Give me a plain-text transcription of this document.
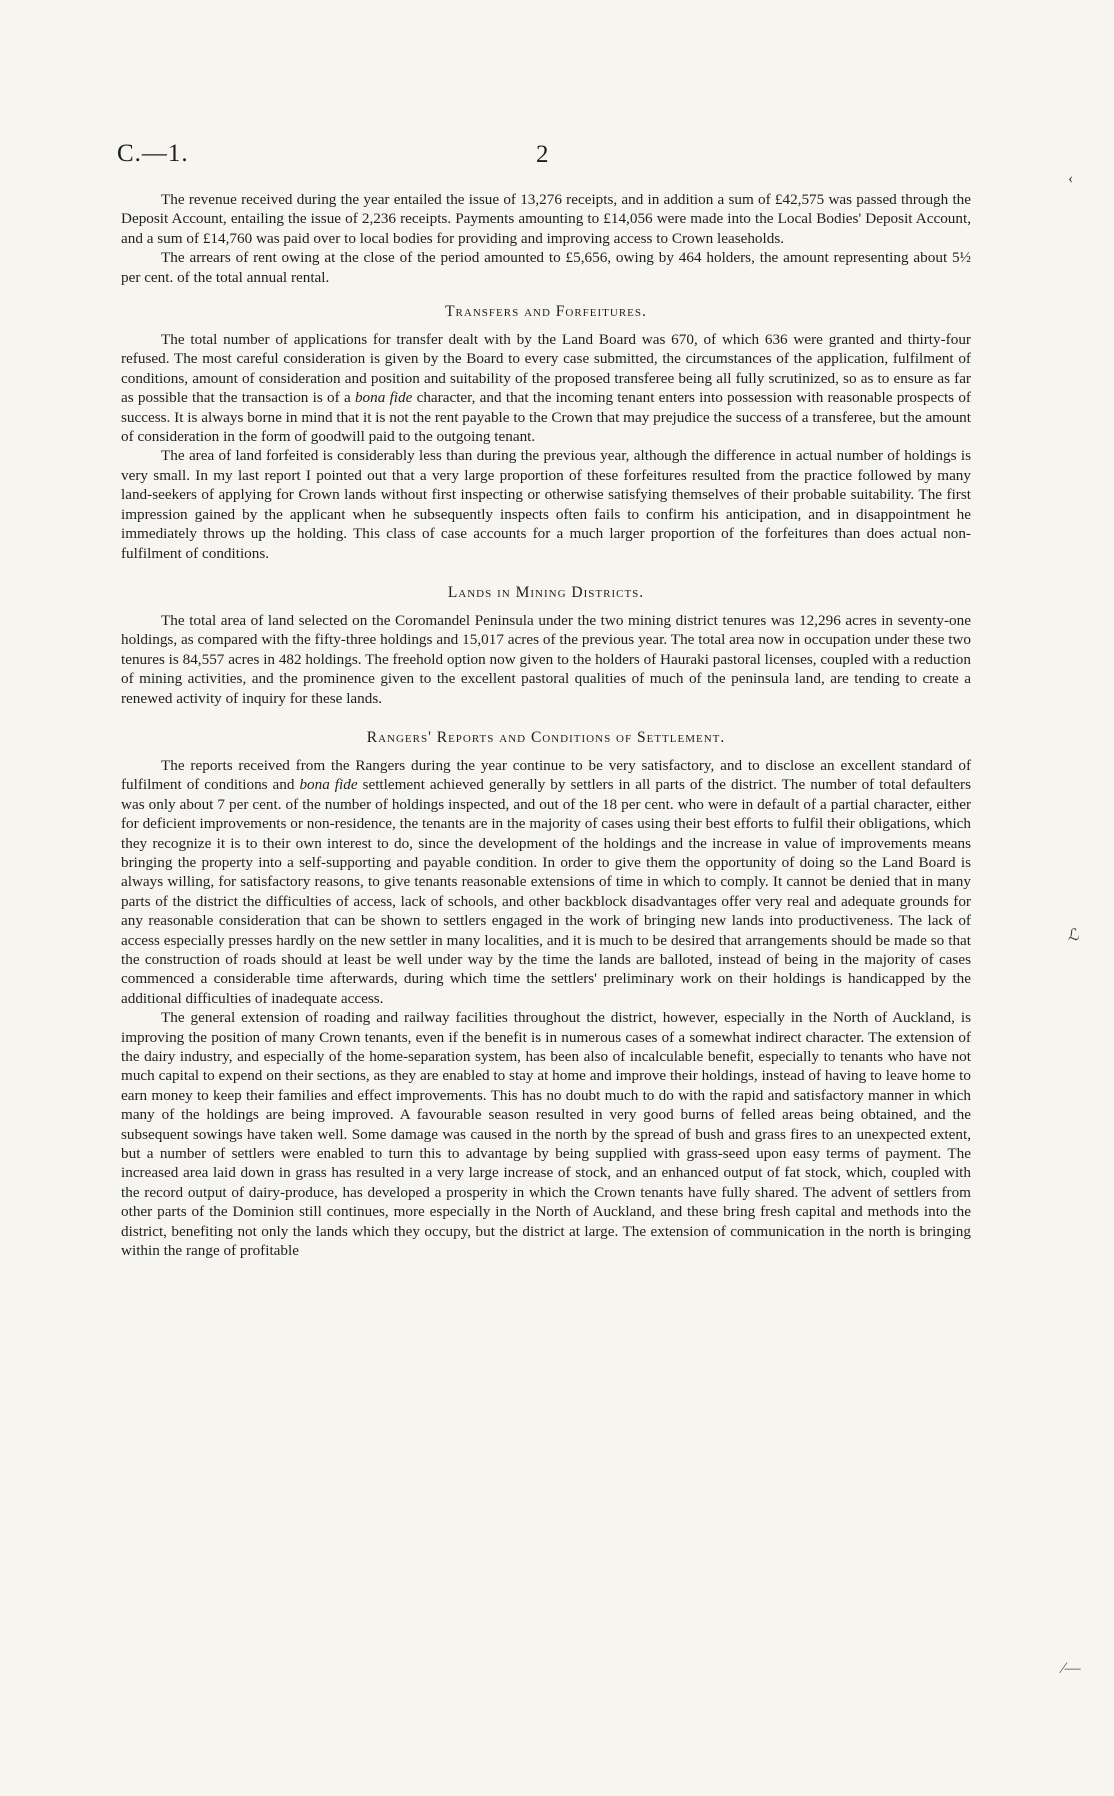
C.—1.	2

The revenue received during the year entailed the issue of 13,276 receipts, and in addition a sum of £42,575 was passed through the Deposit Account, entailing the issue of 2,236 receipts. Payments amounting to £14,056 were made into the Local Bodies' Deposit Account, and a sum of £14,760 was paid over to local bodies for providing and improving access to Crown leaseholds.

The arrears of rent owing at the close of the period amounted to £5,656, owing by 464 holders, the amount representing about 5½ per cent. of the total annual rental.

Transfers and Forfeitures.

The total number of applications for transfer dealt with by the Land Board was 670, of which 636 were granted and thirty-four refused. The most careful consideration is given by the Board to every case submitted, the circumstances of the application, fulfilment of conditions, amount of consideration and position and suitability of the proposed transferee being all fully scrutinized, so as to ensure as far as possible that the transaction is of a bona fide character, and that the incoming tenant enters into possession with reasonable prospects of success. It is always borne in mind that it is not the rent payable to the Crown that may prejudice the success of a transferee, but the amount of consideration in the form of goodwill paid to the outgoing tenant.

The area of land forfeited is considerably less than during the previous year, although the difference in actual number of holdings is very small. In my last report I pointed out that a very large proportion of these forfeitures resulted from the practice followed by many land-seekers of applying for Crown lands without first inspecting or otherwise satisfying themselves of their probable suitability. The first impression gained by the applicant when he subsequently inspects often fails to confirm his anticipation, and in disappointment he immediately throws up the holding. This class of case accounts for a much larger proportion of the forfeitures than does actual non-fulfilment of conditions.

Lands in Mining Districts.

The total area of land selected on the Coromandel Peninsula under the two mining district tenures was 12,296 acres in seventy-one holdings, as compared with the fifty-three holdings and 15,017 acres of the previous year. The total area now in occupation under these two tenures is 84,557 acres in 482 holdings. The freehold option now given to the holders of Hauraki pastoral licenses, coupled with a reduction of mining activities, and the prominence given to the excellent pastoral qualities of much of the peninsula land, are tending to create a renewed activity of inquiry for these lands.

Rangers' Reports and Conditions of Settlement.

The reports received from the Rangers during the year continue to be very satisfactory, and to disclose an excellent standard of fulfilment of conditions and bona fide settlement achieved generally by settlers in all parts of the district. The number of total defaulters was only about 7 per cent. of the number of holdings inspected, and out of the 18 per cent. who were in default of a partial character, either for deficient improvements or non-residence, the tenants are in the majority of cases using their best efforts to fulfil their obligations, which they recognize it is to their own interest to do, since the development of the holdings and the increase in value of improvements means bringing the property into a self-supporting and payable condition. In order to give them the opportunity of doing so the Land Board is always willing, for satisfactory reasons, to give tenants reasonable extensions of time in which to comply. It cannot be denied that in many parts of the district the difficulties of access, lack of schools, and other backblock disadvantages offer very real and adequate grounds for any reasonable consideration that can be shown to settlers engaged in the work of bringing new lands into productiveness. The lack of access especially presses hardly on the new settler in many localities, and it is much to be desired that arrangements should be made so that the construction of roads should at least be well under way by the time the lands are balloted, instead of being in the majority of cases commenced a considerable time afterwards, during which time the settlers' preliminary work on their holdings is handicapped by the additional difficulties of inadequate access.

The general extension of roading and railway facilities throughout the district, however, especially in the North of Auckland, is improving the position of many Crown tenants, even if the benefit is in numerous cases of a somewhat indirect character. The extension of the dairy industry, and especially of the home-separation system, has been also of incalculable benefit, especially to tenants who have not much capital to expend on their sections, as they are enabled to stay at home and improve their holdings, instead of having to leave home to earn money to keep their families and effect improvements. This has no doubt much to do with the rapid and satisfactory manner in which many of the holdings are being improved. A favourable season resulted in very good burns of felled areas being obtained, and the subsequent sowings have taken well. Some damage was caused in the north by the spread of bush and grass fires to an unexpected extent, but a number of settlers were enabled to turn this to advantage by being supplied with grass-seed upon easy terms of payment. The increased area laid down in grass has resulted in a very large increase of stock, and an enhanced output of fat stock, which, coupled with the record output of dairy-produce, has developed a prosperity in which the Crown tenants have fully shared. The advent of settlers from other parts of the Dominion still continues, more especially in the North of Auckland, and these bring fresh capital and methods into the district, benefiting not only the lands which they occupy, but the district at large. The extension of communication in the north is bringing within the range of profitable

‹
ℒ
⁄—
